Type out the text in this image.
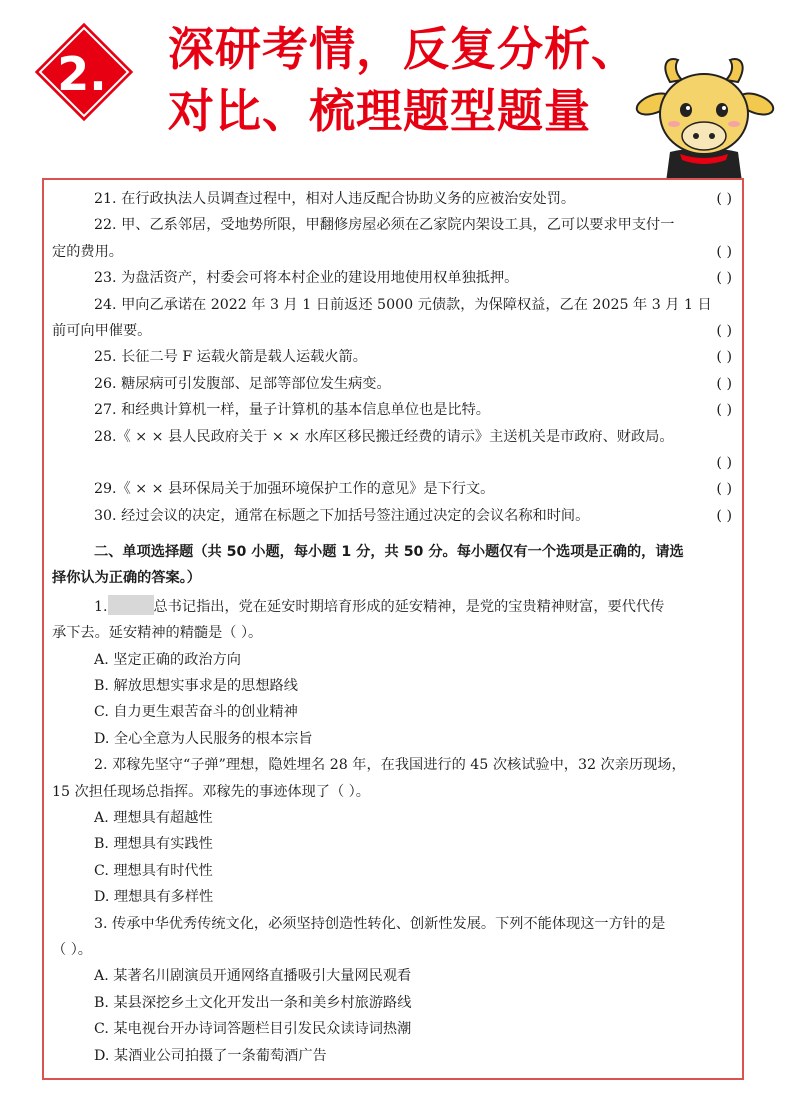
2. 深研考情，反复分析、
对比、梳理题型题量
21. 在行政执法人员调查过程中，相对人违反配合协助义务的应被治安处罚。	( )
22. 甲、乙系邻居，受地势所限，甲翻修房屋必须在乙家院内架设工具，乙可以要求甲支付一
定的费用。	( )
23. 为盘活资产，村委会可将本村企业的建设用地使用权单独抵押。	( )
24. 甲向乙承诺在 2022 年 3 月 1 日前返还 5000 元债款，为保障权益，乙在 2025 年 3 月 1 日
前可向甲催要。	( )
25. 长征二号 F 运载火箭是载人运载火箭。	( )
26. 糖尿病可引发腹部、足部等部位发生病变。	( )
27. 和经典计算机一样，量子计算机的基本信息单位也是比特。	( )
28.《 × × 县人民政府关于 × × 水库区移民搬迁经费的请示》主送机关是市政府、财政局。
( )
29.《 × × 县环保局关于加强环境保护工作的意见》是下行文。	( )
30. 经过会议的决定，通常在标题之下加括号签注通过决定的会议名称和时间。	( )
二、单项选择题（共 50 小题，每小题 1 分，共 50 分。每小题仅有一个选项是正确的，请选
择你认为正确的答案。）
1.	总书记指出，党在延安时期培育形成的延安精神，是党的宝贵精神财富，要代代传
承下去。延安精神的精髓是（ ）。
A. 坚定正确的政治方向
B. 解放思想实事求是的思想路线
C. 自力更生艰苦奋斗的创业精神
D. 全心全意为人民服务的根本宗旨
2. 邓稼先坚守“子弹”理想，隐姓埋名 28 年，在我国进行的 45 次核试验中，32 次亲历现场，
15 次担任现场总指挥。邓稼先的事迹体现了（ ）。
A. 理想具有超越性
B. 理想具有实践性
C. 理想具有时代性
D. 理想具有多样性
3. 传承中华优秀传统文化，必须坚持创造性转化、创新性发展。下列不能体现这一方针的是
（ ）。
A. 某著名川剧演员开通网络直播吸引大量网民观看
B. 某县深挖乡土文化开发出一条和美乡村旅游路线
C. 某电视台开办诗词答题栏目引发民众读诗词热潮
D. 某酒业公司拍摄了一条葡萄酒广告
